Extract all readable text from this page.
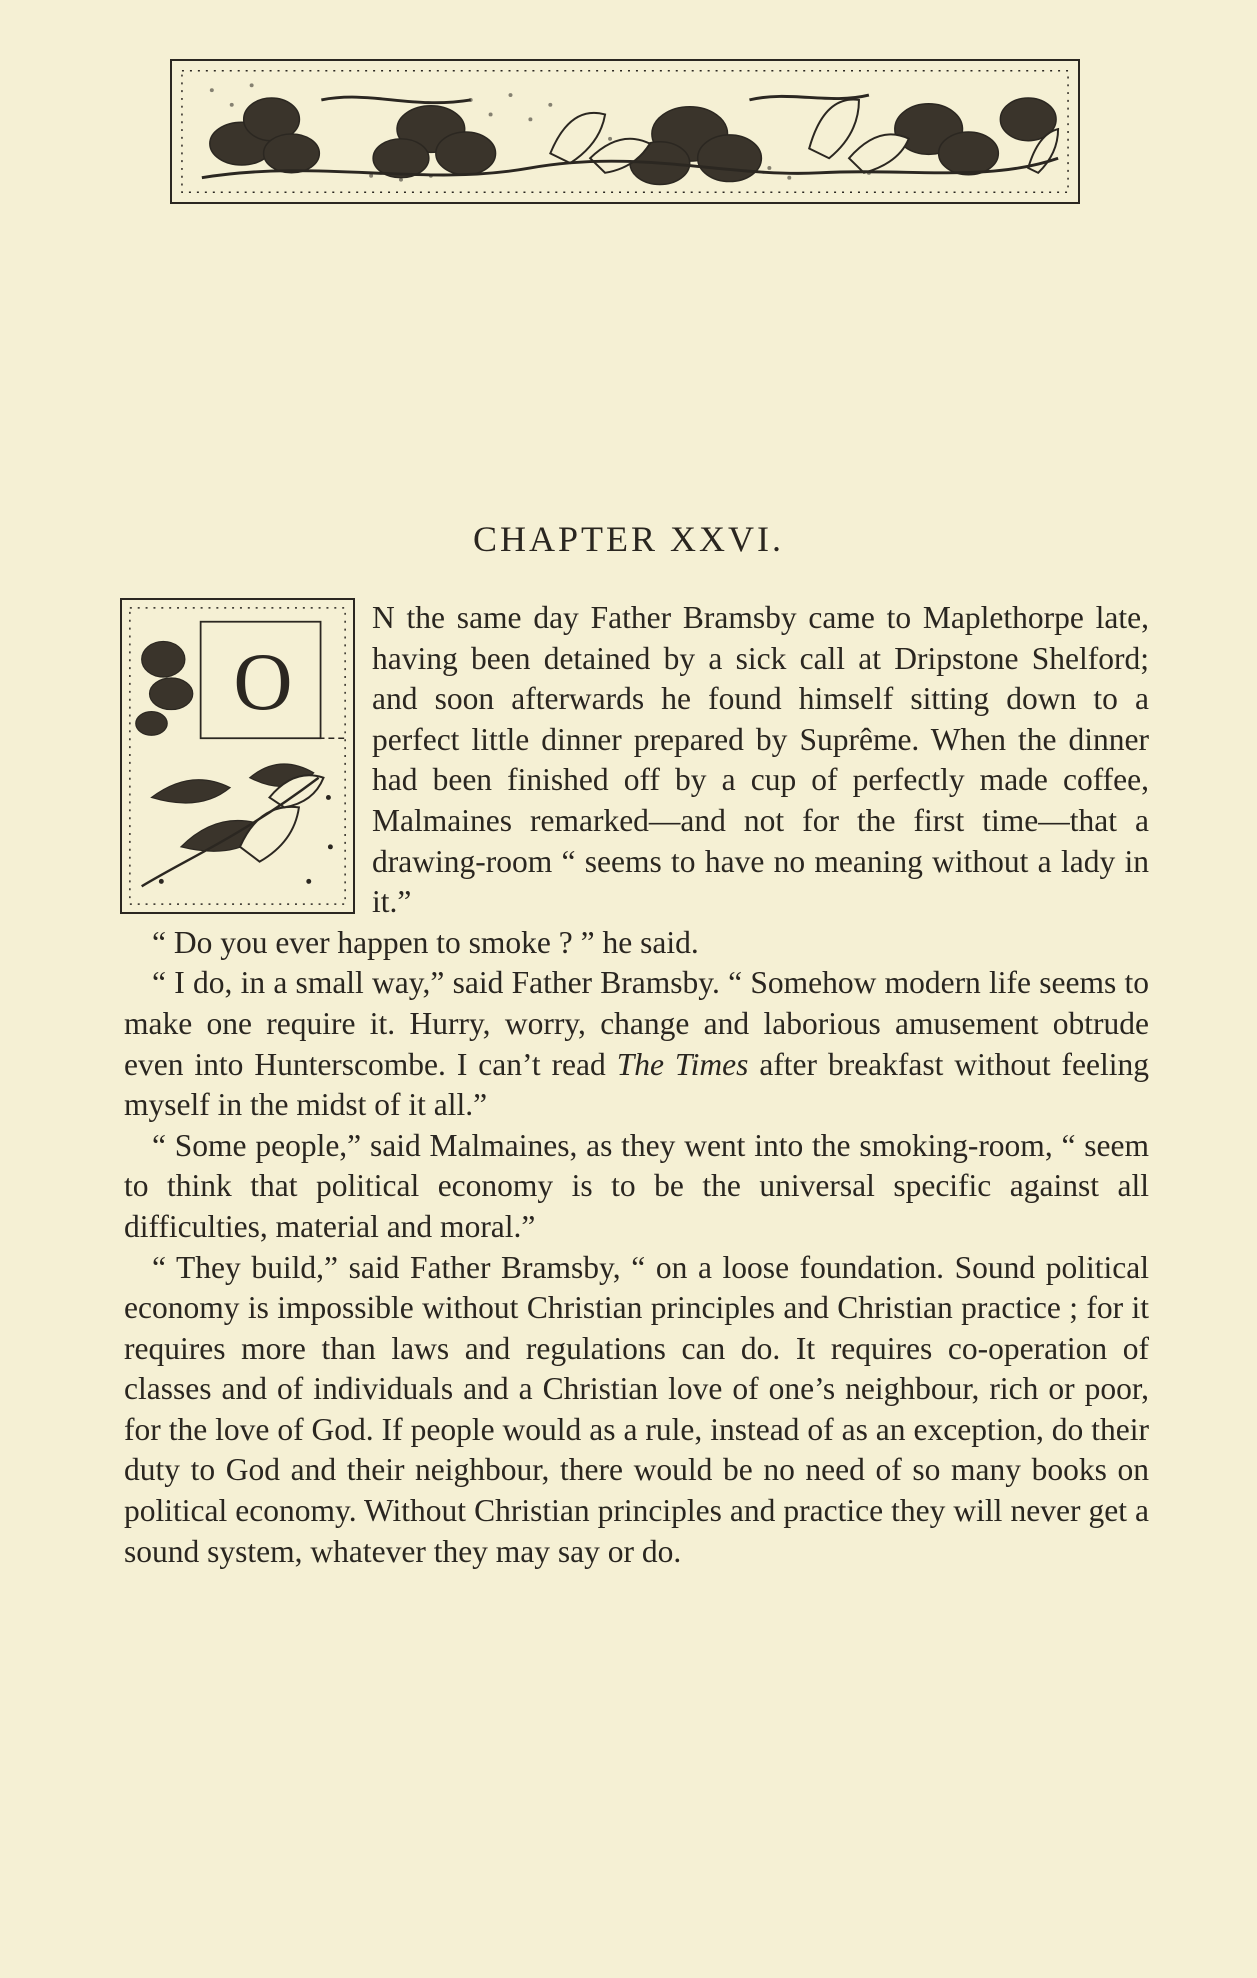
CHAPTER XXVI.
O

N the same day Father Bramsby came to Maplethorpe late, having been detained by a sick call at Dripstone Shelford; and soon afterwards he found himself sitting down to a perfect little dinner prepared by Suprême. When the dinner had been finished off by a cup of perfectly made coffee, Malmaines remarked—and not for the first time—that a drawing-room “ seems to have no meaning without a lady in it.”

“ Do you ever happen to smoke ? ” he said.

“ I do, in a small way,” said Father Bramsby. “ Somehow modern life seems to make one require it. Hurry, worry, change and laborious amusement obtrude even into Hunterscombe. I can’t read The Times after breakfast without feeling myself in the midst of it all.”

“ Some people,” said Malmaines, as they went into the smoking-room, “ seem to think that political economy is to be the universal specific against all difficulties, material and moral.”

“ They build,” said Father Bramsby, “ on a loose foundation. Sound political economy is impossible without Christian principles and Christian practice ; for it requires more than laws and regulations can do. It requires co-operation of classes and of individuals and a Christian love of one’s neighbour, rich or poor, for the love of God. If people would as a rule, instead of as an exception, do their duty to God and their neighbour, there would be no need of so many books on political economy. Without Christian principles and practice they will never get a sound system, whatever they may say or do.
